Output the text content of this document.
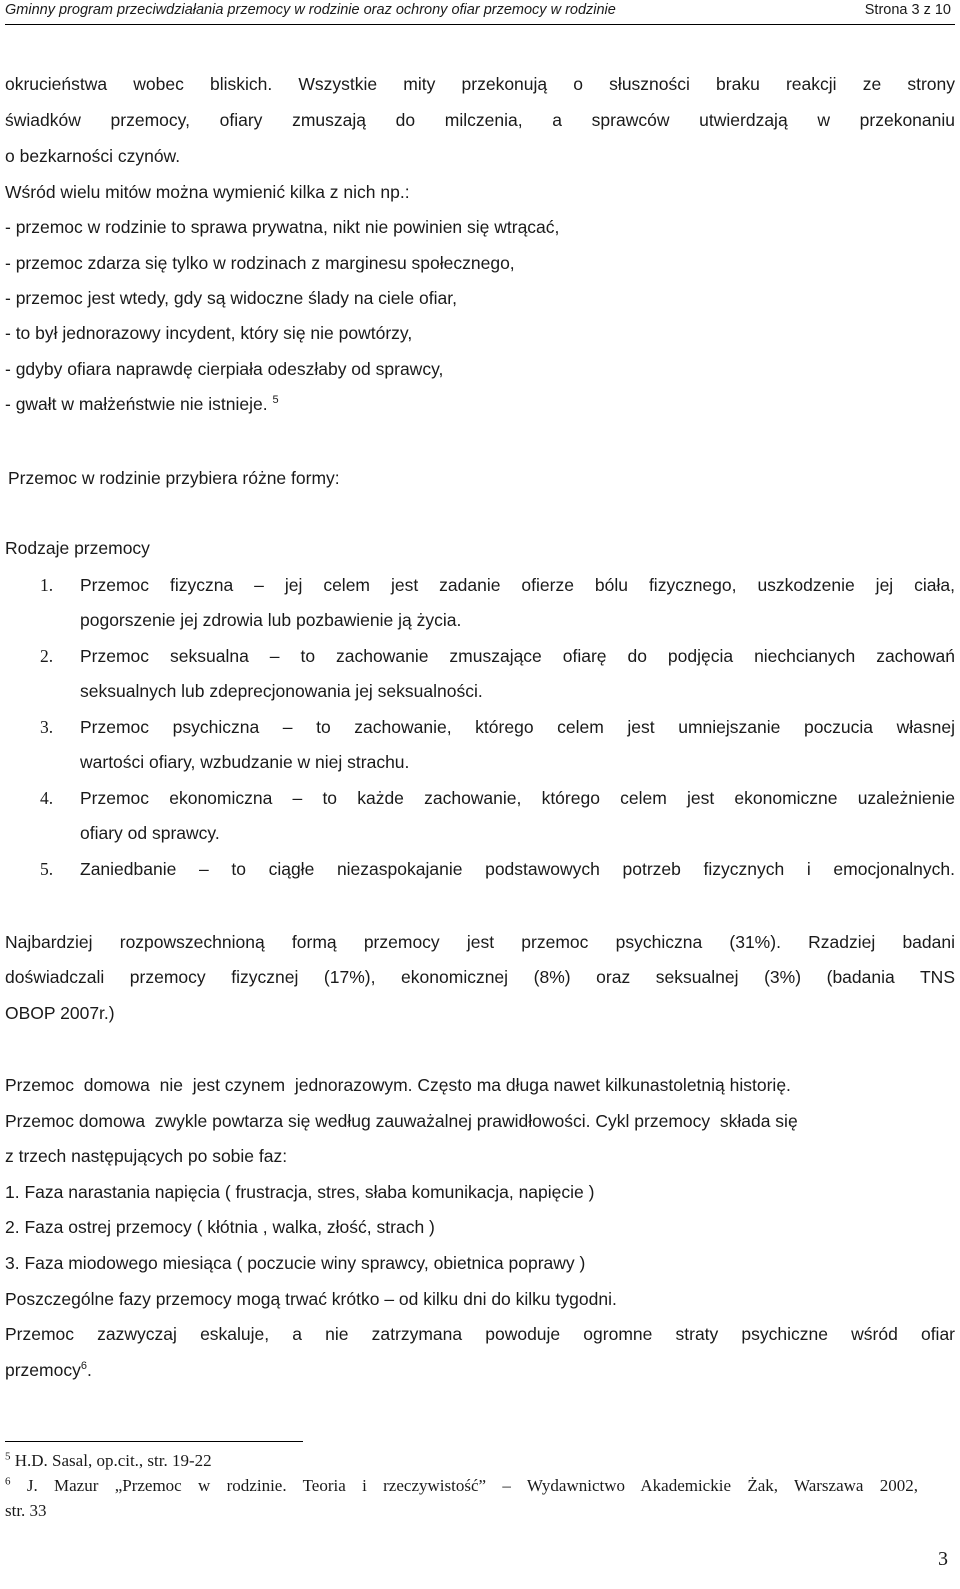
Gminny program przeciwdziałania przemocy w rodzinie oraz ochrony ofiar przemocy w rodzinie	Strona 3 z 10
okrucieństwa wobec bliskich. Wszystkie mity przekonują o słuszności braku reakcji ze strony
świadków przemocy, ofiary zmuszają do milczenia, a sprawców utwierdzają w przekonaniu
o bezkarności czynów.
Wśród wielu mitów można wymienić kilka z nich np.:
- przemoc w rodzinie to sprawa prywatna, nikt nie powinien się wtrącać,
- przemoc zdarza się tylko w rodzinach z marginesu społecznego,
- przemoc jest wtedy, gdy są widoczne ślady na ciele ofiar,
- to był jednorazowy incydent, który się nie powtórzy,
- gdyby ofiara naprawdę cierpiała odeszłaby od sprawcy,
- gwałt w małżeństwie nie istnieje. $^5$
Przemoc w rodzinie przybiera różne formy:
Rodzaje przemocy
1. Przemoc fizyczna – jej celem jest zadanie ofierze bólu fizycznego, uszkodzenie jej ciała,
pogorszenie jej zdrowia lub pozbawienie ją życia.
2. Przemoc seksualna – to zachowanie zmuszające ofiarę do podjęcia niechcianych zachowań
seksualnych lub zdeprecjonowania jej seksualności.
3. Przemoc psychiczna – to zachowanie, którego celem jest umniejszanie poczucia własnej
wartości ofiary, wzbudzanie w niej strachu.
4. Przemoc ekonomiczna – to każde zachowanie, którego celem jest ekonomiczne uzależnienie
ofiary od sprawcy.
5. Zaniedbanie – to ciągłe niezaspokajanie podstawowych potrzeb fizycznych i emocjonalnych.
Najbardziej rozpowszechnioną formą przemocy jest przemoc psychiczna (31%). Rzadziej badani
doświadczali przemocy fizycznej (17%), ekonomicznej (8%) oraz seksualnej (3%) (badania TNS
OBOP 2007r.)
Przemoc  domowa  nie  jest czynem  jednorazowym. Często ma długa nawet kilkunastoletnią historię.
Przemoc domowa  zwykle powtarza się według zauważalnej prawidłowości. Cykl przemocy  składa się
z trzech następujących po sobie faz:
1. Faza narastania napięcia ( frustracja, stres, słaba komunikacja, napięcie )
2. Faza ostrej przemocy ( kłótnia , walka, złość, strach )
3. Faza miodowego miesiąca ( poczucie winy sprawcy, obietnica poprawy )
Poszczególne fazy przemocy mogą trwać krótko – od kilku dni do kilku tygodni.
Przemoc zazwyczaj eskaluje, a nie zatrzymana powoduje ogromne straty psychiczne wśród ofiar
przemocy$^6$.
$^5$ H.D. Sasal, op.cit., str. 19-22
$^6$ J. Mazur „Przemoc w rodzinie. Teoria i rzeczywistość” – Wydawnictwo Akademickie Żak, Warszawa 2002,
str. 33
3
